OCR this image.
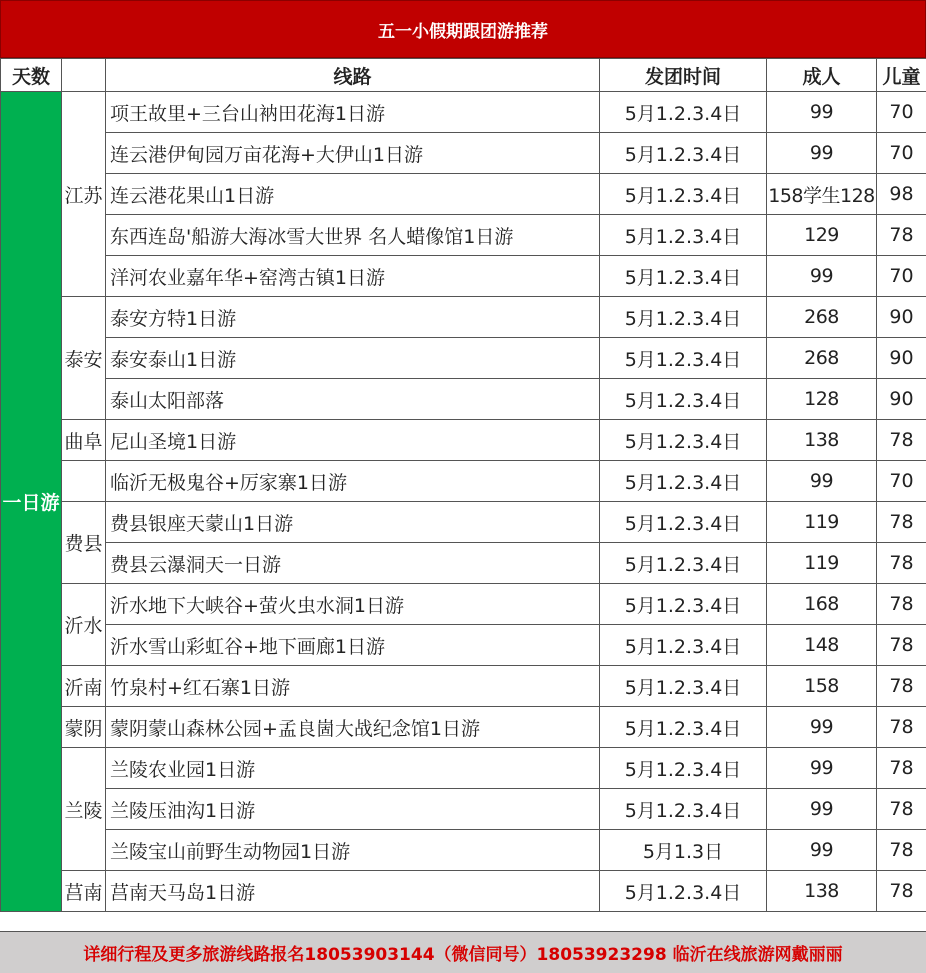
五一小假期跟团游推荐
天数		线路	发团时间	成人	儿童
一日游	江苏	项王故里+三台山衲田花海1日游	5月1.2.3.4日	99	70
		连云港伊甸园万亩花海+大伊山1日游	5月1.2.3.4日	99	70
		连云港花果山1日游	5月1.2.3.4日	158学生128	98
		东西连岛'船游大海冰雪大世界 名人蜡像馆1日游	5月1.2.3.4日	129	78
		洋河农业嘉年华+窑湾古镇1日游	5月1.2.3.4日	99	70
	泰安	泰安方特1日游	5月1.2.3.4日	268	90
		泰安泰山1日游	5月1.2.3.4日	268	90
		泰山太阳部落	5月1.2.3.4日	128	90
	曲阜	尼山圣境1日游	5月1.2.3.4日	138	78
		临沂无极鬼谷+厉家寨1日游	5月1.2.3.4日	99	70
	费县	费县银座天蒙山1日游	5月1.2.3.4日	119	78
		费县云瀑洞天一日游	5月1.2.3.4日	119	78
	沂水	沂水地下大峡谷+萤火虫水洞1日游	5月1.2.3.4日	168	78
		沂水雪山彩虹谷+地下画廊1日游	5月1.2.3.4日	148	78
	沂南	竹泉村+红石寨1日游	5月1.2.3.4日	158	78
	蒙阴	蒙阴蒙山森林公园+孟良崮大战纪念馆1日游	5月1.2.3.4日	99	78
	兰陵	兰陵农业园1日游	5月1.2.3.4日	99	78
		兰陵压油沟1日游	5月1.2.3.4日	99	78
		兰陵宝山前野生动物园1日游	5月1.3日	99	78
	莒南	莒南天马岛1日游	5月1.2.3.4日	138	78
详细行程及更多旅游线路报名18053903144（微信同号）18053923298 临沂在线旅游网戴丽丽
